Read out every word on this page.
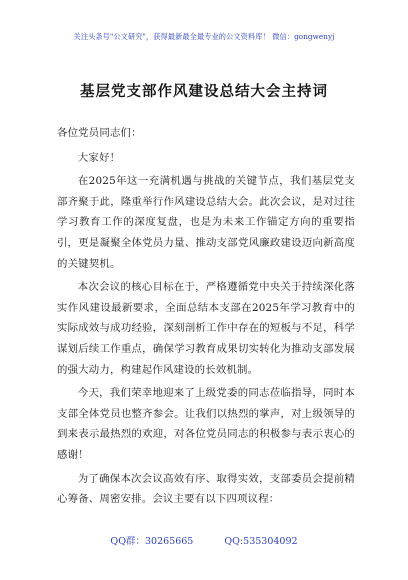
关注头条号"公文研究"，获得最新最全最专业的公文资料库！ 微信：gongwenyj
基层党支部作风建设总结大会主持词

各位党员同志们：

大家好！

在2025年这一充满机遇与挑战的关键节点，我们基层党支部齐聚于此，隆重举行作风建设总结大会。此次会议，是对过往学习教育工作的深度复盘，也是为未来工作锚定方向的重要指引，更是凝聚全体党员力量、推动支部党风廉政建设迈向新高度的关键契机。

本次会议的核心目标在于，严格遵循党中央关于持续深化落实作风建设最新要求，全面总结本支部在2025年学习教育中的实际成效与成功经验，深刻剖析工作中存在的短板与不足，科学谋划后续工作重点，确保学习教育成果切实转化为推动支部发展的强大动力，构建起作风建设的长效机制。

今天，我们荣幸地迎来了上级党委的同志莅临指导，同时本支部全体党员也整齐参会。让我们以热烈的掌声，对上级领导的到来表示最热烈的欢迎，对各位党员同志的积极参与表示衷心的感谢！

为了确保本次会议高效有序、取得实效，支部委员会提前精心筹备、周密安排。会议主要有以下四项议程：

QQ群：30265665	QQ:535304092
